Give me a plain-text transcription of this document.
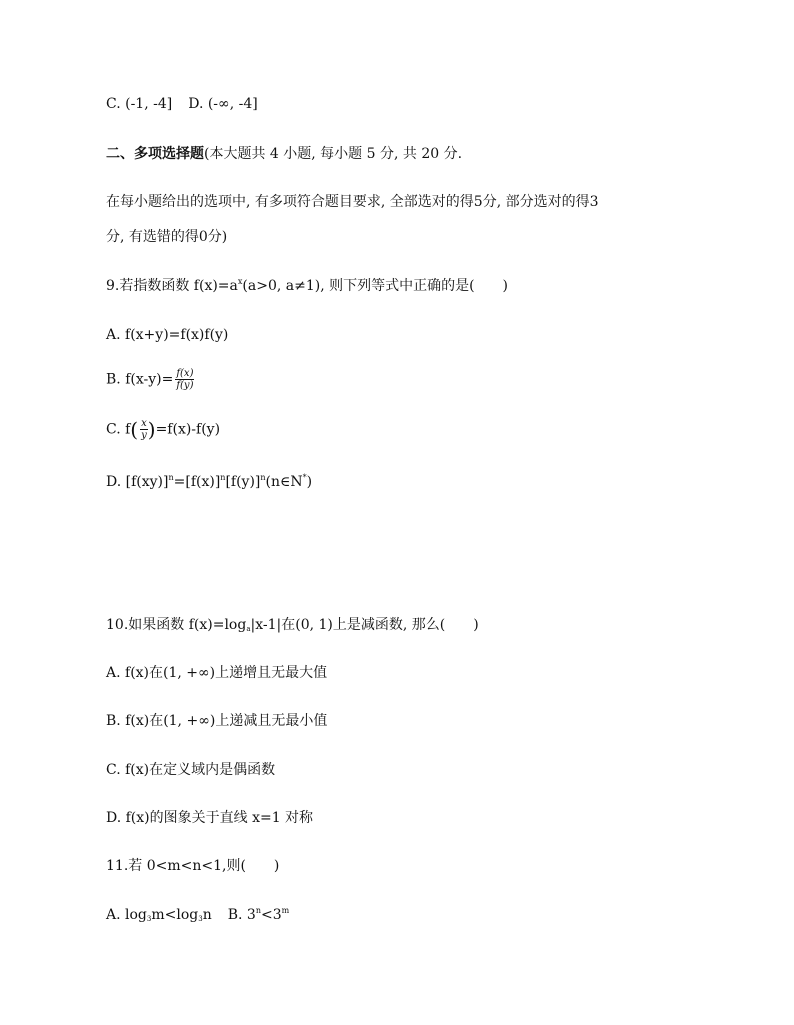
C. (-1, -4] D. (-∞, -4]
二、多项选择题(本大题共 4 小题, 每小题 5 分, 共 20 分.
在每小题给出的选项中, 有多项符合题目要求, 全部选对的得5分, 部分选对的得3
分, 有选错的得0分)
9.若指数函数 $f(x)=a^x(a>0$, a≠1), 则下列等式中正确的是(　　)
A. f(x+y)=f(x)f(y)
B. $f(x-y)= \frac{f(x)}{f(y)}$
C. $f( \frac{x}{y} )=f(x)-f(y)$
D. $[f(xy)]^n=[f(x)]^n[f(y)]^n(n\in N^*)$
10.如果函数 $f(x)=\log_a|x-1|$在(0, 1)上是减函数, 那么(　　)
A. f(x)在(1, +∞)上递增且无最大值
B. f(x)在(1, +∞)上递减且无最小值
C. f(x)在定义域内是偶函数
D. f(x)的图象关于直线 x=1 对称
11.若 0<m<n<1,则(　　)
A. $\log_3m<\log_3n$ B. $3^n<3^m$
